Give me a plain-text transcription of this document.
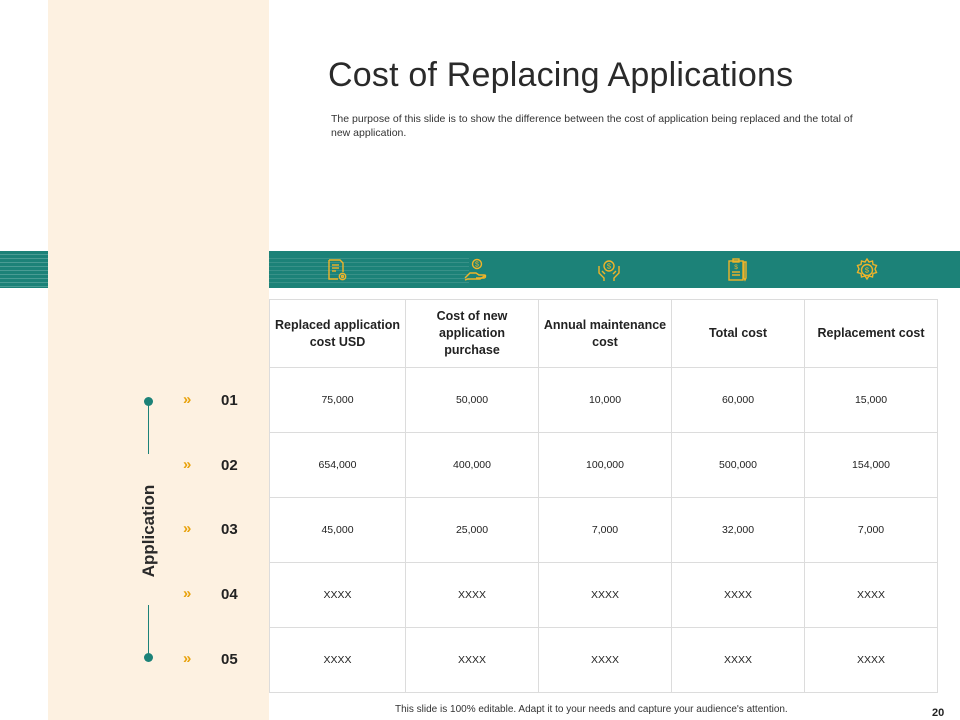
Cost of Replacing Applications

The purpose of this slide is to show the difference between the cost of application being replaced and the total of new application.

$	$	$	$
Replaced application cost USD	Cost of new application purchase	Annual maintenance cost	Total cost	Replacement cost
75,000	50,000	10,000	60,000	15,000
654,000	400,000	100,000	500,000	154,000
45,000	25,000	7,000	32,000	7,000
XXXX	XXXX	XXXX	XXXX	XXXX
XXXX	XXXX	XXXX	XXXX	XXXX
Application
»	01
»	02
»	03
»	04
»	05
This slide is 100% editable. Adapt it to your needs and capture your audience's attention.	20
